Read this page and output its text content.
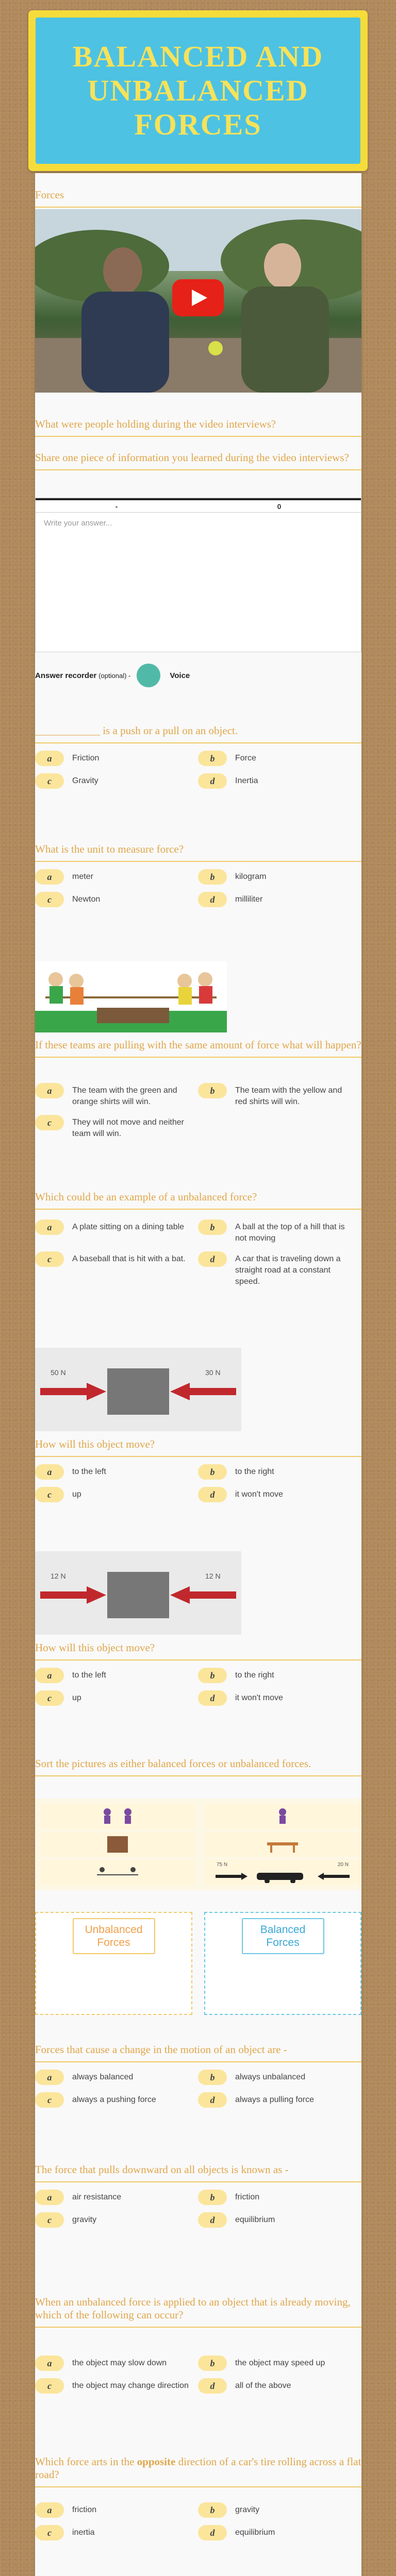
BALANCED AND UNBALANCED FORCES
Forces
What were people holding during the video interviews?
Share one piece of information you learned during the video interviews?
-	0
Write your answer...
Answer recorder (optional) -	Voice
____________ is a push or a pull on an object.
a	Friction	b	Force
c	Gravity	d	Inertia
What is the unit to measure force?
a	meter	b	kilogram
c	Newton	d	milliliter
If these teams are pulling with the same amount of force what will happen?
a	The team with the green and orange shirts will win.
b	The team with the yellow and red shirts will win.
c	They will not move and neither team will win.
Which could be an example of a unbalanced force?
a	A plate sitting on a dining table	b	A ball at the top of a hill that is not moving
c	A baseball that is hit with a bat.	d	A car that is traveling down a straight road at a constant speed.
50 N	30 N
How will this object move?
a	to the left	b	to the right
c	up	d	it won't move
12 N	12 N
How will this object move?
a	to the left	b	to the right
c	up	d	it won't move
Sort the pictures as either balanced forces or unbalanced forces.
75 N	20 N
Unbalanced Forces
Balanced Forces
Forces that cause a change in the motion of an object are -
a	always balanced	b	always unbalanced
c	always a pushing force	d	always a pulling force
The force that pulls downward on all objects is known as -
a	air resistance	b	friction
c	gravity	d	equilibrium
When an unbalanced force is applied to an object that is already moving, which of the following can occur?
a	the object may slow down	b	the object may speed up
c	the object may change direction	d	all of the above
Which force arts in the opposite direction of a car's tire rolling across a flat road?
a	friction	b	gravity
c	inertia	d	equilibrium
